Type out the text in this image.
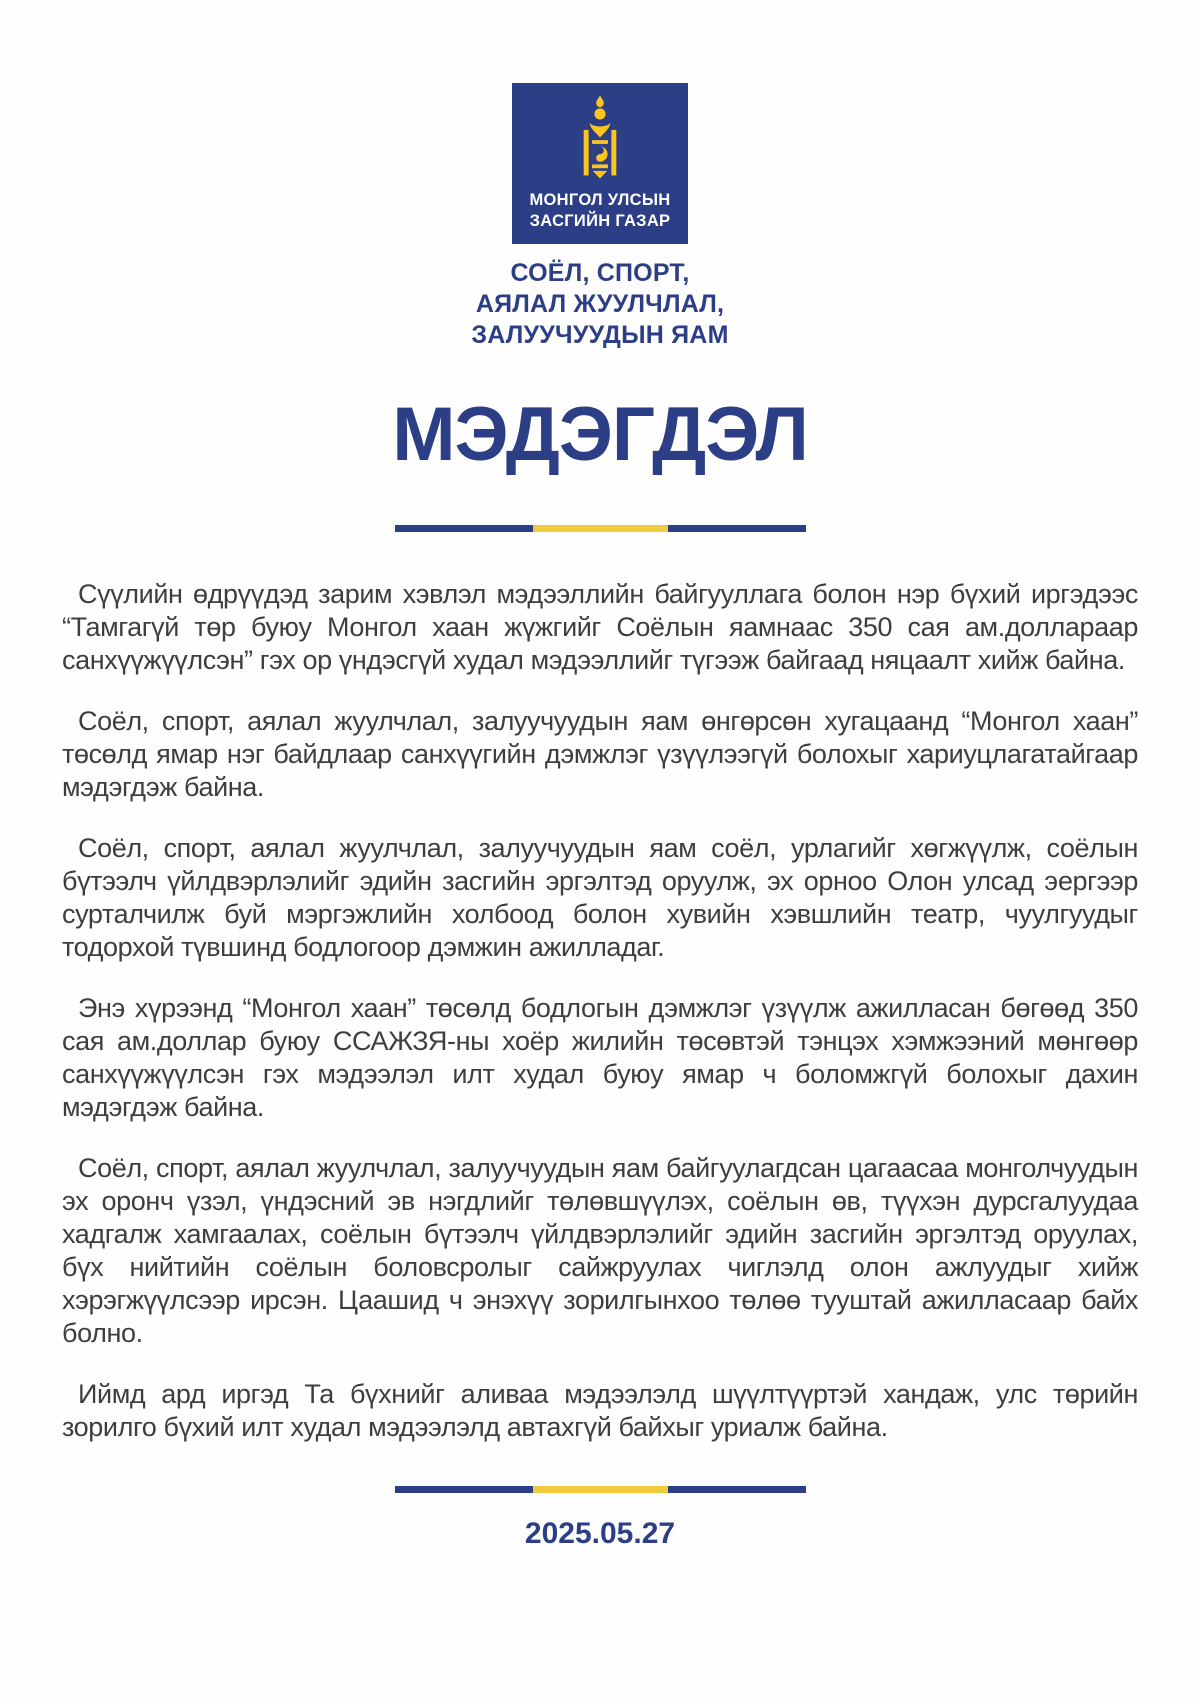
МОНГОЛ УЛСЫН
ЗАСГИЙН ГАЗАР
СОЁЛ, СПОРТ,
АЯЛАЛ ЖУУЛЧЛАЛ,
ЗАЛУУЧУУДЫН ЯАМ
МЭДЭГДЭЛ

Сүүлийн өдрүүдэд зарим хэвлэл мэдээллийн байгууллага болон нэр бүхий иргэдээс “Тамгагүй төр буюу Монгол хаан жүжгийг Соёлын яамнаас 350 сая ам.доллараар санхүүжүүлсэн” гэх ор үндэсгүй худал мэдээллийг түгээж байгаад няцаалт хийж байна.

Соёл, спорт, аялал жуулчлал, залуучуудын яам өнгөрсөн хугацаанд “Монгол хаан” төсөлд ямар нэг байдлаар санхүүгийн дэмжлэг үзүүлээгүй болохыг хариуцлагатайгаар мэдэгдэж байна.

Соёл, спорт, аялал жуулчлал, залуучуудын яам соёл, урлагийг хөгжүүлж, соёлын бүтээлч үйлдвэрлэлийг эдийн засгийн эргэлтэд оруулж, эх орноо Олон улсад эергээр сурталчилж буй мэргэжлийн холбоод болон хувийн хэвшлийн театр, чуулгуудыг тодорхой түвшинд бодлогоор дэмжин ажилладаг.

Энэ хүрээнд “Монгол хаан” төсөлд бодлогын дэмжлэг үзүүлж ажилласан бөгөөд 350 сая ам.доллар буюу ССАЖЗЯ-ны хоёр жилийн төсөвтэй тэнцэх хэмжээний мөнгөөр санхүүжүүлсэн гэх мэдээлэл илт худал буюу ямар ч боломжгүй болохыг дахин мэдэгдэж байна.

Соёл, спорт, аялал жуулчлал, залуучуудын яам байгуулагдсан цагаасаа монголчуудын эх оронч үзэл, үндэсний эв нэгдлийг төлөвшүүлэх, соёлын өв, түүхэн дурсгалуудаа хадгалж хамгаалах, соёлын бүтээлч үйлдвэрлэлийг эдийн засгийн эргэлтэд оруулах, бүх нийтийн соёлын боловсролыг сайжруулах чиглэлд олон ажлуудыг хийж хэрэгжүүлсээр ирсэн. Цаашид ч энэхүү зорилгынхоо төлөө тууштай ажилласаар байх болно.

Иймд ард иргэд Та бүхнийг аливаа мэдээлэлд шүүлтүүртэй хандаж, улс төрийн зорилго бүхий илт худал мэдээлэлд автахгүй байхыг уриалж байна.

2025.05.27
